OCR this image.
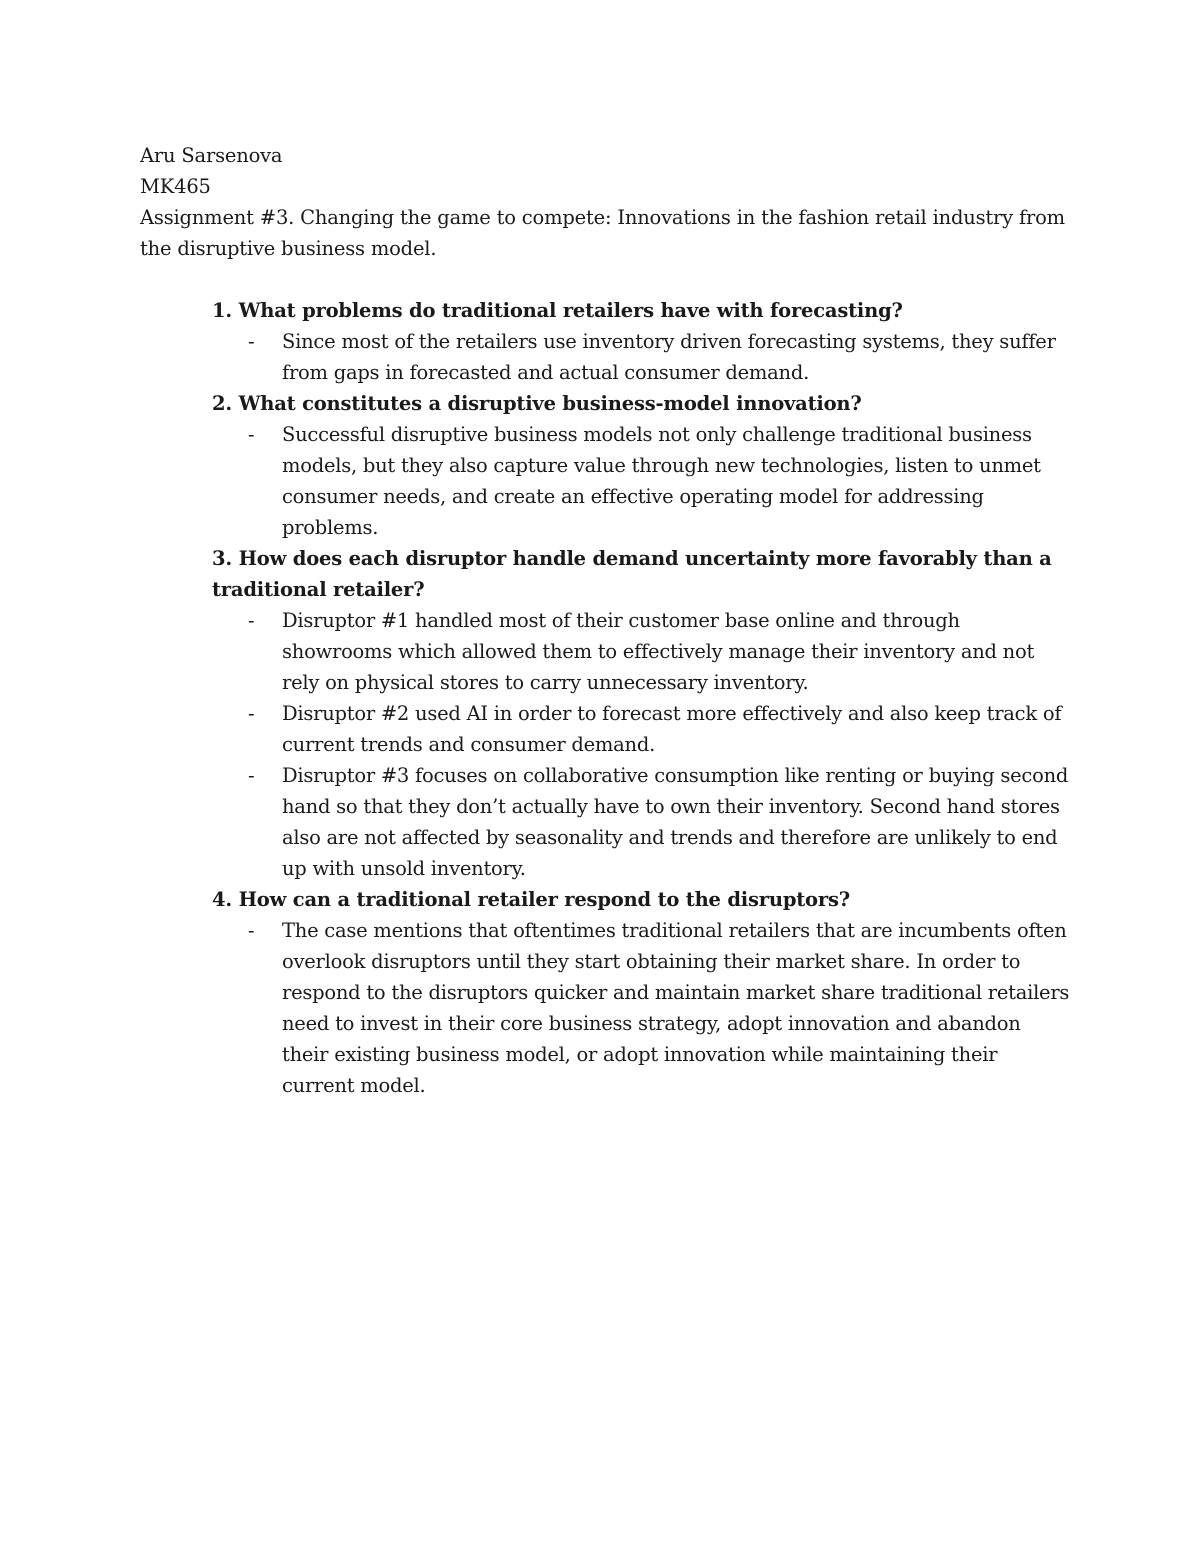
Aru Sarsenova

MK465

Assignment #3. Changing the game to compete: Innovations in the fashion retail industry from the disruptive business model.

1. What problems do traditional retailers have with forecasting?

- Since most of the retailers use inventory driven forecasting systems, they suffer from gaps in forecasted and actual consumer demand.

2. What constitutes a disruptive business-model innovation?

- Successful disruptive business models not only challenge traditional business models, but they also capture value through new technologies, listen to unmet consumer needs, and create an effective operating model for addressing problems.

3. How does each disruptor handle demand uncertainty more favorably than a traditional retailer?

- Disruptor #1 handled most of their customer base online and through showrooms which allowed them to effectively manage their inventory and not rely on physical stores to carry unnecessary inventory.
- Disruptor #2 used AI in order to forecast more effectively and also keep track of current trends and consumer demand.
- Disruptor #3 focuses on collaborative consumption like renting or buying second hand so that they don’t actually have to own their inventory. Second hand stores also are not affected by seasonality and trends and therefore are unlikely to end up with unsold inventory.

4. How can a traditional retailer respond to the disruptors?

- The case mentions that oftentimes traditional retailers that are incumbents often overlook disruptors until they start obtaining their market share. In order to respond to the disruptors quicker and maintain market share traditional retailers need to invest in their core business strategy, adopt innovation and abandon their existing business model, or adopt innovation while maintaining their current model.
